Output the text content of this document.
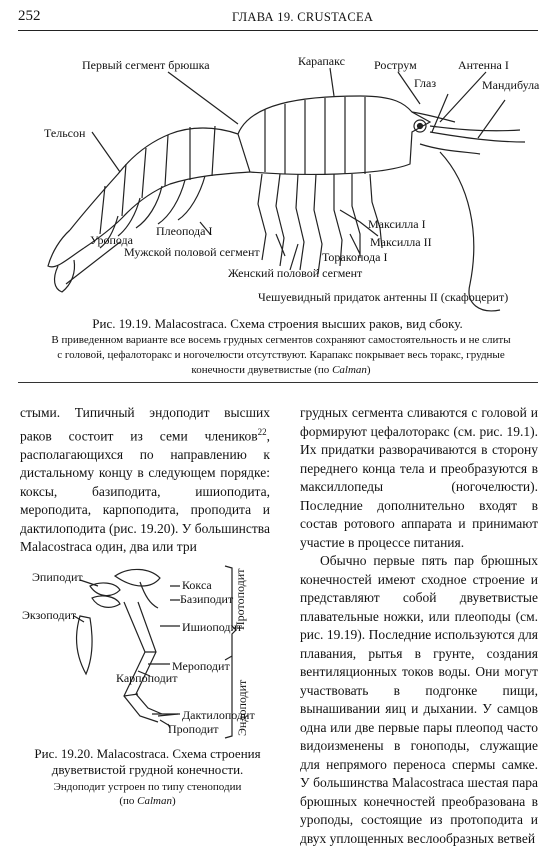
252	ГЛАВА 19. CRUSTACEA
Первый сегмент брюшка	Карапакс Рострум	Антенна I
Глаз	Мандибула
Тельсон
Уропода
Плеопода I
Мужской половой сегмент
Женский половой сегмент
Максилла I
Максилла II
Торакопода I
Чешуевидный придаток антенны II (скафоцерит)
Рис. 19.19. Malacostraca. Схема строения высших раков, вид сбоку.
В приведенном варианте все восемь грудных сегментов сохраняют самостоятельность и не слиты
с головой, цефалоторакс и ногочелюсти отсутствуют. Карапакс покрывает весь торакс, грудные
конечности двуветвистые (по Calman)

стыми. Типичный эндоподит высших раков состоит из семи члеников$^{22}$, располагающихся по направлению к дистальному концу в следующем порядке: коксы, базиподита, ишиоподита, мероподита, карпоподита, проподита и дактилоподита (рис. 19.20). У большинства Malacostraca один, два или три

Эпиподит
Экзоподит
Кокса
Базиподит
Ишиоподит
Мероподит
Карпоподит
Дактилоподит
Проподит
Протоподит
Эндоподит
Рис. 19.20. Malacostraca. Схема строения
двуветвистой грудной конечности.
Эндоподит устроен по типу стеноподии
(по Calman)

грудных сегмента сливаются с головой и формируют цефалоторакс (см. рис. 19.1). Их придатки разворачиваются в сторону переднего конца тела и преобразуются в максиллопеды (ногочелюсти). Последние дополнительно входят в состав ротового аппарата и принимают участие в процессе питания.

Обычно первые пять пар брюшных конечностей имеют сходное строение и представляют собой двуветвистые плавательные ножки, или плеоподы (см. рис. 19.19). Последние используются для плавания, рытья в грунте, создания вентиляционных токов воды. Они могут участвовать в подгонке пищи, вынашивании яиц и дыхании. У самцов одна или две первые пары плеопод часто видоизменены в гоноподы, служащие для непрямого переноса спермы самке. У большинства Malacostraca шестая пара брюшных конечностей преобразована в уроподы, состоящие из протоподита и двух уплощенных веслообразных ветвей
